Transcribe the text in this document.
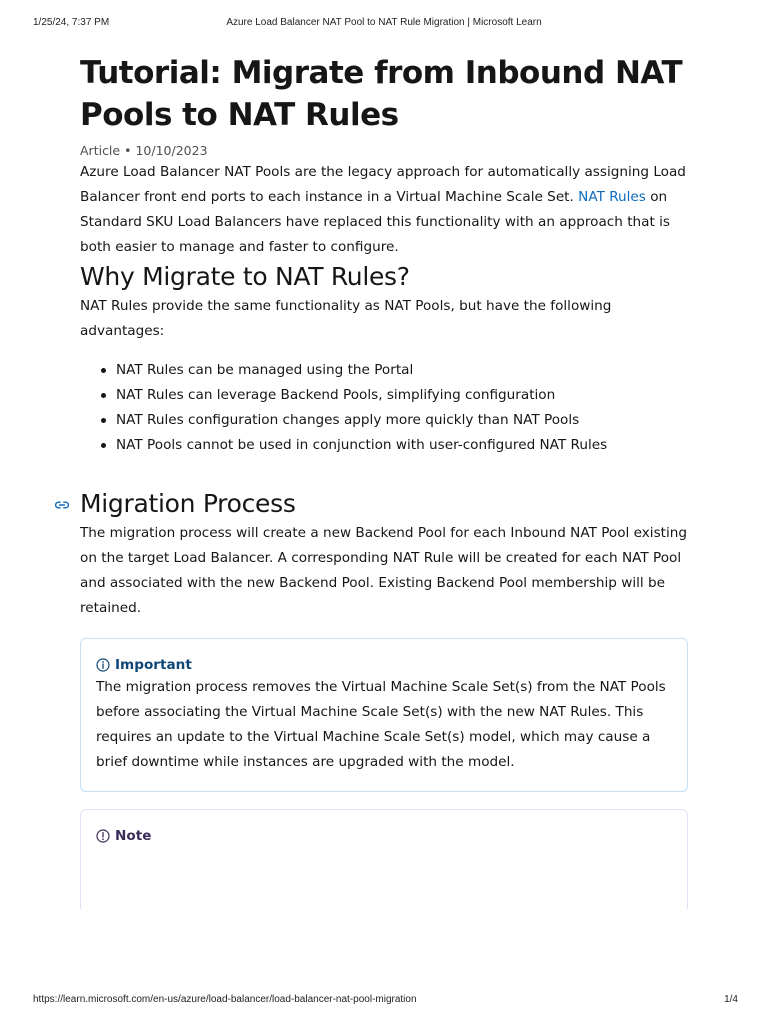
1/25/24, 7:37 PM	Azure Load Balancer NAT Pool to NAT Rule Migration | Microsoft Learn
Tutorial: Migrate from Inbound NAT Pools to NAT Rules
Article • 10/10/2023

Azure Load Balancer NAT Pools are the legacy approach for automatically assigning Load Balancer front end ports to each instance in a Virtual Machine Scale Set. NAT Rules on Standard SKU Load Balancers have replaced this functionality with an approach that is both easier to manage and faster to configure.

Why Migrate to NAT Rules?

NAT Rules provide the same functionality as NAT Pools, but have the following advantages:

NAT Rules can be managed using the Portal
NAT Rules can leverage Backend Pools, simplifying configuration
NAT Rules configuration changes apply more quickly than NAT Pools
NAT Pools cannot be used in conjunction with user-configured NAT Rules
Migration Process

The migration process will create a new Backend Pool for each Inbound NAT Pool existing on the target Load Balancer. A corresponding NAT Rule will be created for each NAT Pool and associated with the new Backend Pool. Existing Backend Pool membership will be retained.

Important

The migration process removes the Virtual Machine Scale Set(s) from the NAT Pools before associating the Virtual Machine Scale Set(s) with the new NAT Rules. This requires an update to the Virtual Machine Scale Set(s) model, which may cause a brief downtime while instances are upgraded with the model.

Note
https://learn.microsoft.com/en-us/azure/load-balancer/load-balancer-nat-pool-migration	1/4
